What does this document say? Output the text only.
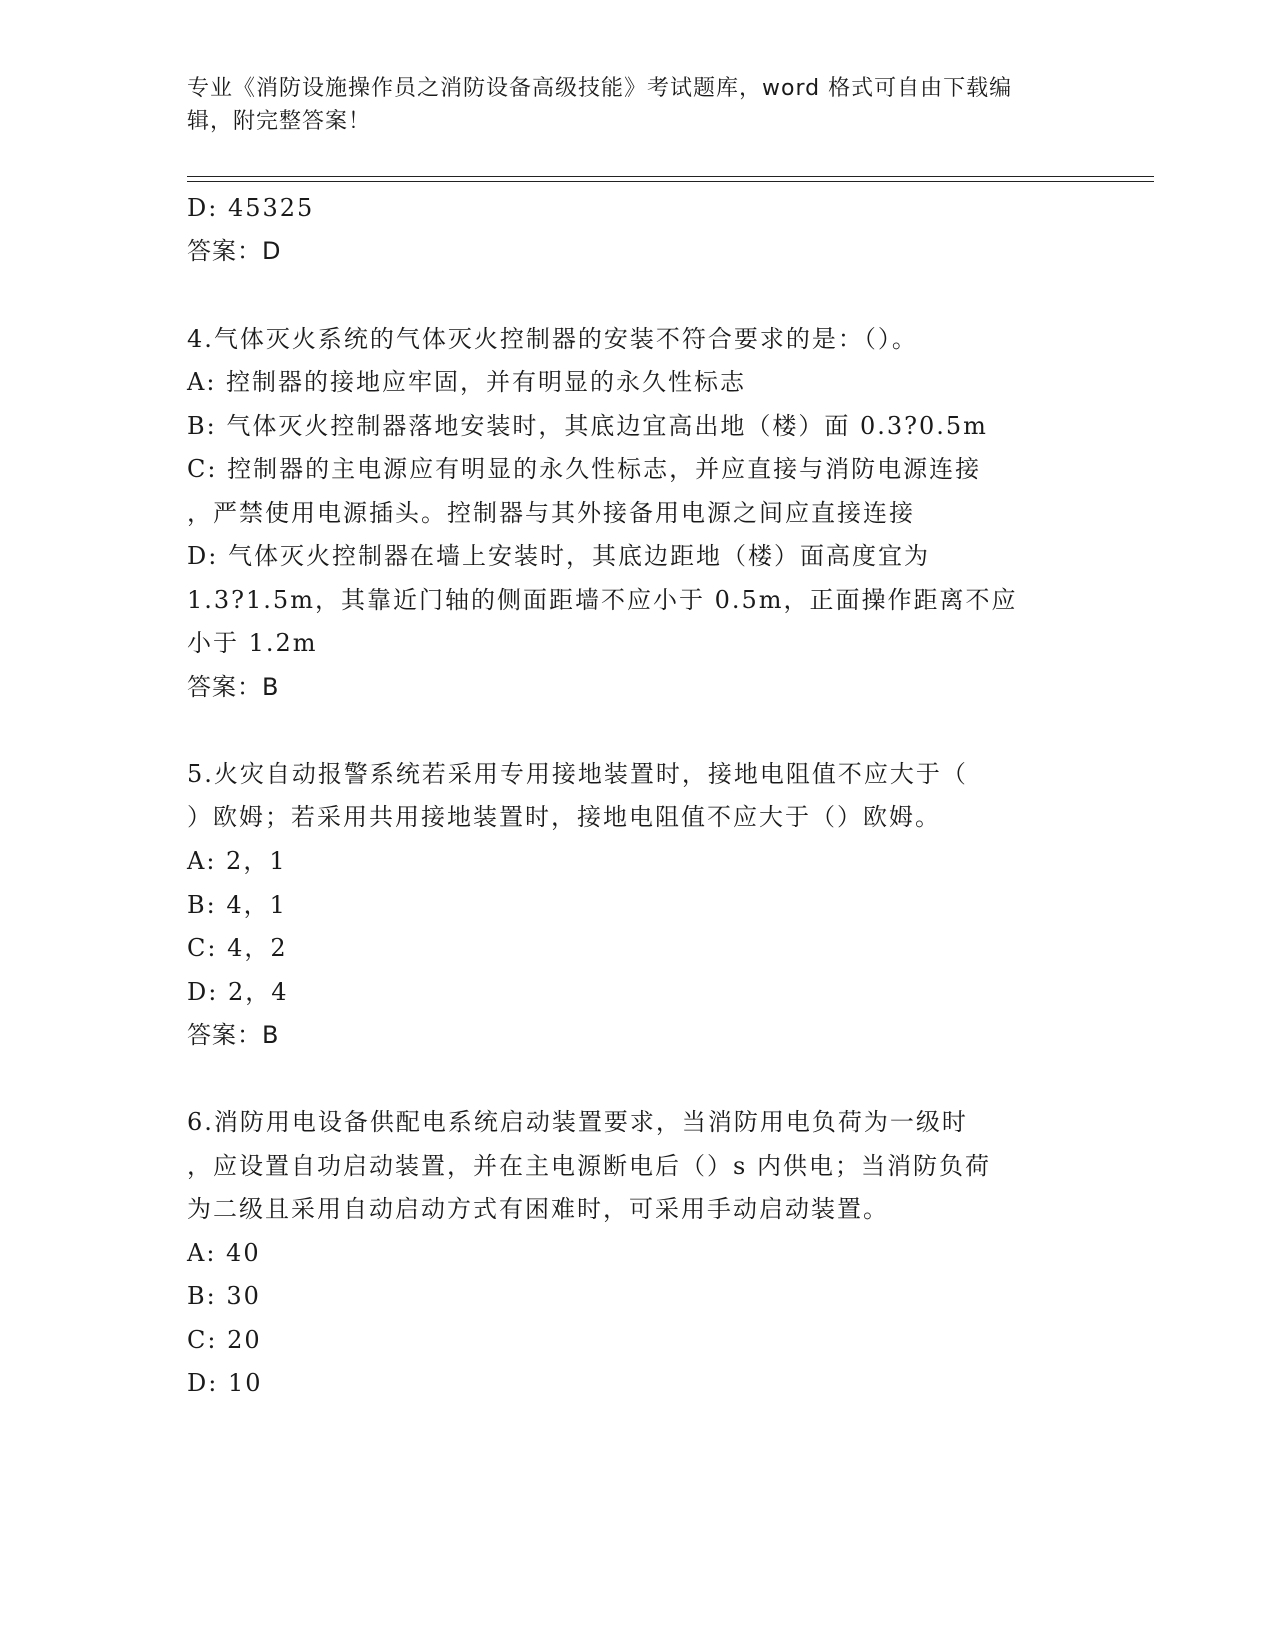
专业《消防设施操作员之消防设备高级技能》考试题库，word 格式可自由下载编
辑，附完整答案！
D: 45325
答案：D
4.气体灭火系统的气体灭火控制器的安装不符合要求的是：（）。
A: 控制器的接地应牢固，并有明显的永久性标志
B: 气体灭火控制器落地安装时，其底边宜高出地（楼）面 0.3?0.5m
C: 控制器的主电源应有明显的永久性标志，并应直接与消防电源连接
，严禁使用电源插头。控制器与其外接备用电源之间应直接连接
D: 气体灭火控制器在墙上安装时，其底边距地（楼）面高度宜为
1.3?1.5m，其靠近门轴的侧面距墙不应小于 0.5m，正面操作距离不应
小于 1.2m
答案：B
5.火灾自动报警系统若采用专用接地装置时，接地电阻值不应大于（
）欧姆；若采用共用接地装置时，接地电阻值不应大于（）欧姆。
A: 2，1
B: 4，1
C: 4，2
D: 2，4
答案：B
6.消防用电设备供配电系统启动装置要求，当消防用电负荷为一级时
，应设置自功启动装置，并在主电源断电后（）s 内供电；当消防负荷
为二级且采用自动启动方式有困难时，可采用手动启动装置。
A: 40
B: 30
C: 20
D: 10
